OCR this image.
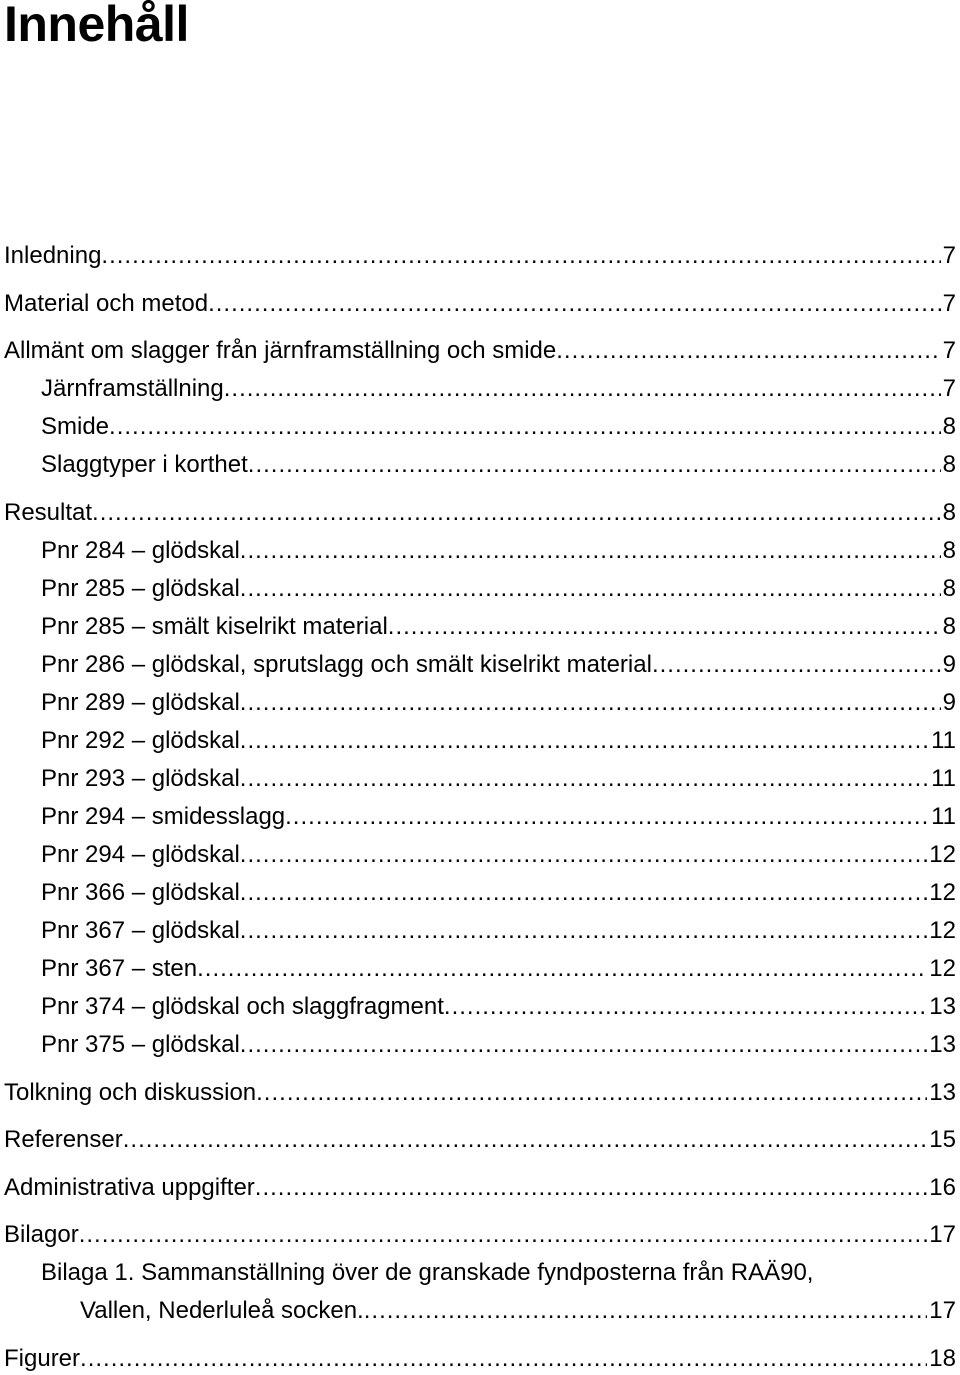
Innehåll
Inledning .....	7
Material och metod .....	7
Allmänt om slagger från järnframställning och smide .....	7
Järnframställning .....	7
Smide .....	8
Slaggtyper i korthet .....	8
Resultat .....	8
Pnr 284 – glödskal .....	8
Pnr 285 – glödskal .....	8
Pnr 285 – smält kiselrikt material .....	8
Pnr 286 – glödskal, sprutslagg och smält kiselrikt material .....	9
Pnr 289 – glödskal .....	9
Pnr 292 – glödskal .....	11
Pnr 293 – glödskal .....	11
Pnr 294 – smidesslagg .....	11
Pnr 294 – glödskal .....	12
Pnr 366 – glödskal .....	12
Pnr 367 – glödskal .....	12
Pnr 367 – sten .....	12
Pnr 374 – glödskal och slaggfragment .....	13
Pnr 375 – glödskal .....	13
Tolkning och diskussion .....	13
Referenser .....	15
Administrativa uppgifter .....	16
Bilagor .....	17
Bilaga 1. Sammanställning över de granskade fyndposterna från RAÄ90,
Vallen, Nederluleå socken. .....	17
Figurer .....	18
